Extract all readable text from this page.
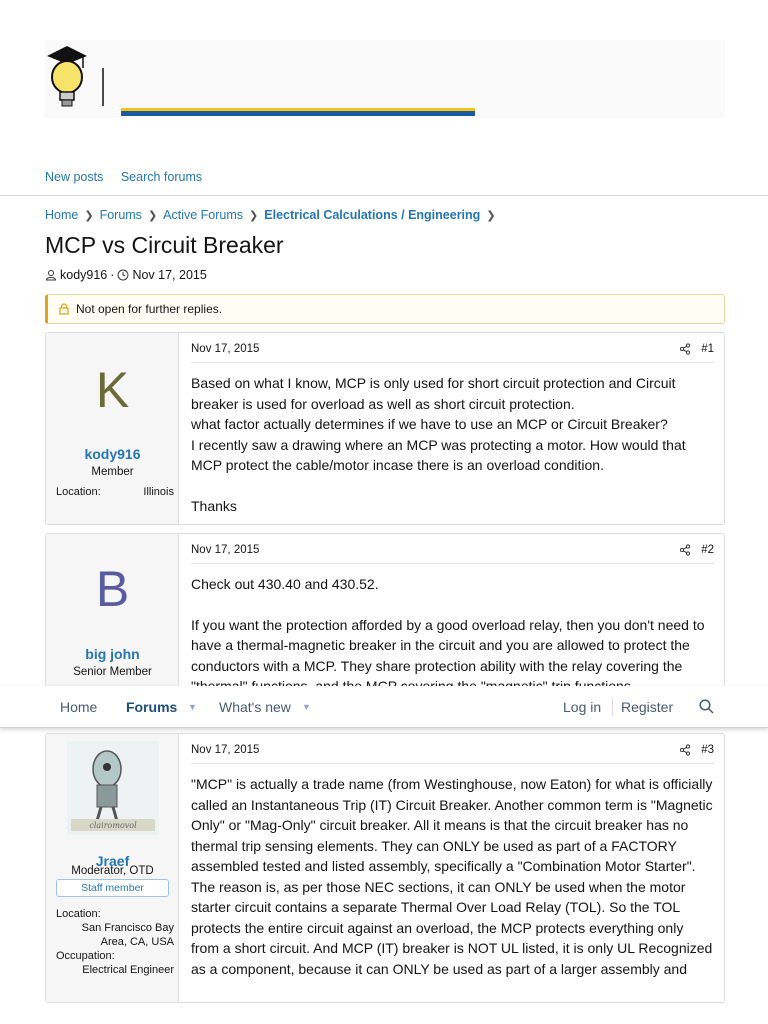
New posts Search forums
Home ❯ Forums ❯ Active Forums ❯ Electrical Calculations / Engineering ❯
MCP vs Circuit Breaker
kody916 · Nov 17, 2015
Not open for further replies.
K
kody916
Member
Location:	Illinois
Nov 17, 2015	#1

Based on what I know, MCP is only used for short circuit protection and Circuit breaker is used for overload as well as short circuit protection.

what factor actually determines if we have to use an MCP or Circuit Breaker?

I recently saw a drawing where an MCP was protecting a motor. How would that MCP protect the cable/motor incase there is an overload condition.

Thanks

B
big john
Senior Member
Nov 17, 2015	#2

Check out 430.40 and 430.52.

If you want the protection afforded by a good overload relay, then you don't need to have a thermal-magnetic breaker in the circuit and you are allowed to protect the conductors with a MCP. They share protection ability with the relay covering the

Home Forums ▼ What's new ▼	Log in Register
clairomovol
Jraef
Moderator, OTD
Staff member
Location:
San Francisco Bay Area, CA, USA
Occupation:
Electrical Engineer
Nov 17, 2015	#3

"MCP" is actually a trade name (from Westinghouse, now Eaton) for what is officially called an Instantaneous Trip (IT) Circuit Breaker. Another common term is "Magnetic Only" or "Mag-Only" circuit breaker. All it means is that the circuit breaker has no thermal trip sensing elements. They can ONLY be used as part of a FACTORY assembled tested and listed assembly, specifically a "Combination Motor Starter". The reason is, as per those NEC sections, it can ONLY be used when the motor starter circuit contains a separate Thermal Over Load Relay (TOL). So the TOL protects the entire circuit against an overload, the MCP protects everything only from a short circuit. And MCP (IT) breaker is NOT UL listed, it is only UL Recognized as a component, because it can ONLY be used as part of a larger assembly and
